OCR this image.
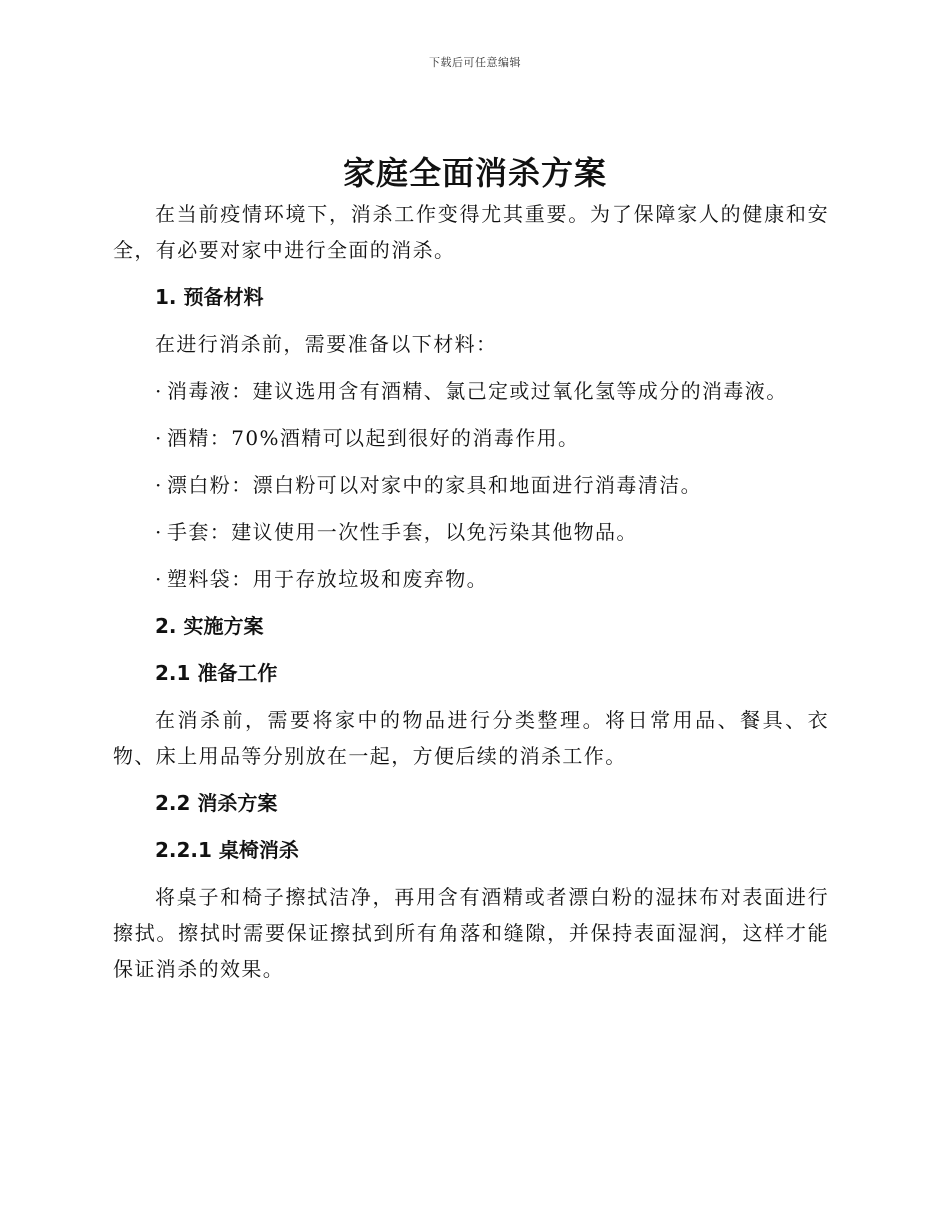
下载后可任意编辑
家庭全面消杀方案

在当前疫情环境下，消杀工作变得尤其重要。为了保障家人的健康和安全，有必要对家中进行全面的消杀。

1. 预备材料
在进行消杀前，需要准备以下材料：
· 消毒液：建议选用含有酒精、氯己定或过氧化氢等成分的消毒液。
· 酒精：70%酒精可以起到很好的消毒作用。
· 漂白粉：漂白粉可以对家中的家具和地面进行消毒清洁。
· 手套：建议使用一次性手套，以免污染其他物品。
· 塑料袋：用于存放垃圾和废弃物。
2. 实施方案
2.1 准备工作

在消杀前，需要将家中的物品进行分类整理。将日常用品、餐具、衣物、床上用品等分别放在一起，方便后续的消杀工作。

2.2 消杀方案
2.2.1 桌椅消杀

将桌子和椅子擦拭洁净，再用含有酒精或者漂白粉的湿抹布对表面进行擦拭。擦拭时需要保证擦拭到所有角落和缝隙，并保持表面湿润，这样才能保证消杀的效果。
